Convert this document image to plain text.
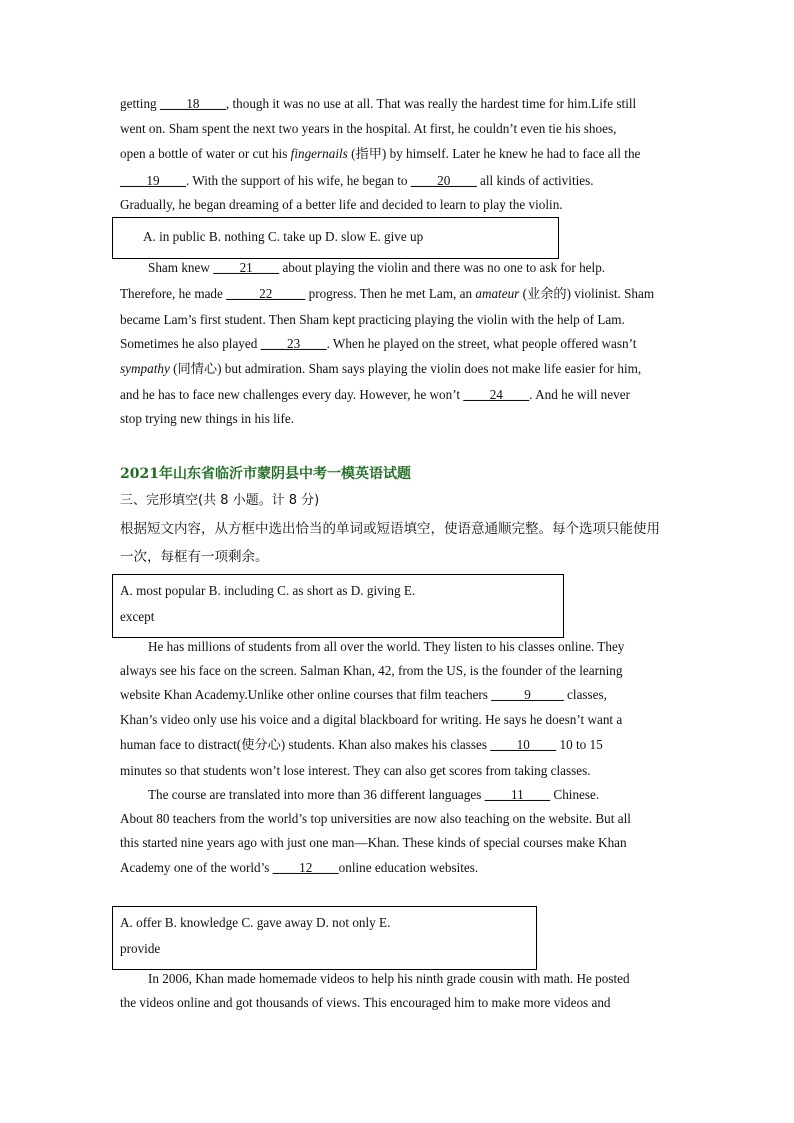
getting ____18____, though it was no use at all. That was really the hardest time for him.Life still
went on. Sham spent the next two years in the hospital. At first, he couldn’t even tie his shoes,
open a bottle of water or cut his fingernails (指甲) by himself. Later he knew he had to face all the
____19____. With the support of his wife, he began to ____20____ all kinds of activities.
Gradually, he began dreaming of a better life and decided to learn to play the violin.
A. in public B. nothing C. take up D. slow E. give up
Sham knew ____21____ about playing the violin and there was no one to ask for help.
Therefore, he made _____22_____ progress. Then he met Lam, an amateur (业余的) violinist. Sham
became Lam’s first student. Then Sham kept practicing playing the violin with the help of Lam.
Sometimes he also played ____23____. When he played on the street, what people offered wasn’t
sympathy (同情心) but admiration. Sham says playing the violin does not make life easier for him,
and he has to face new challenges every day. However, he won’t ____24____. And he will never
stop trying new things in his life.
2021年山东省临沂市蒙阴县中考一模英语试题
三、完形填空(共 8 小题。计 8 分)
根据短文内容，从方框中选出恰当的单词或短语填空，使语意通顺完整。每个选项只能使用
一次，每框有一项剩余。
A. most popular B. including C. as short as D. giving E.
except
He has millions of students from all over the world. They listen to his classes online. They
always see his face on the screen. Salman Khan, 42, from the US, is the founder of the learning
website Khan Academy.Unlike other online courses that film teachers _____9_____ classes,
Khan’s video only use his voice and a digital blackboard for writing. He says he doesn’t want a
human face to distract(使分心) students. Khan also makes his classes ____10____ 10 to 15
minutes so that students won’t lose interest. They can also get scores from taking classes.
The course are translated into more than 36 different languages ____11____ Chinese.
About 80 teachers from the world’s top universities are now also teaching on the website. But all
this started nine years ago with just one man—Khan. These kinds of special courses make Khan
Academy one of the world’s ____12____online education websites.
A. offer B. knowledge C. gave away D. not only E.
provide
In 2006, Khan made homemade videos to help his ninth grade cousin with math. He posted
the videos online and got thousands of views. This encouraged him to make more videos and
